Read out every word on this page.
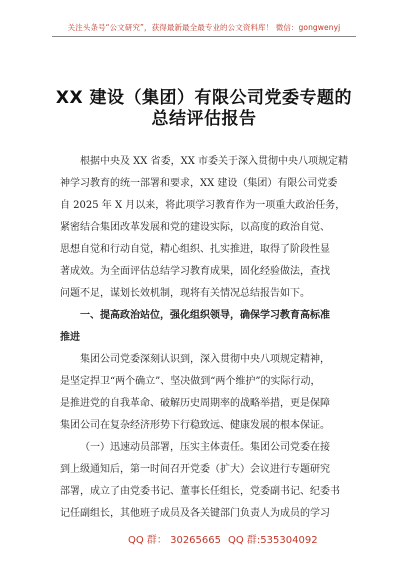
关注头条号“公文研究”，获得最新最全最专业的公文资料库！ 微信：gongwenyj
XX 建设（集团）有限公司党委专题的
总结评估报告
根据中央及 XX 省委，XX 市委关于深入贯彻中央八项规定精
神学习教育的统一部署和要求，XX 建设（集团）有限公司党委
自 2025 年 X 月以来，将此项学习教育作为一项重大政治任务，
紧密结合集团改革发展和党的建设实际，以高度的政治自觉、
思想自觉和行动自觉，精心组织、扎实推进，取得了阶段性显
著成效。为全面评估总结学习教育成果，固化经验做法，查找
问题不足，谋划长效机制，现将有关情况总结报告如下。
一、提高政治站位，强化组织领导，确保学习教育高标准
推进
集团公司党委深刻认识到，深入贯彻中央八项规定精神，
是坚定捍卫“两个确立”、坚决做到“两个维护”的实际行动，
是推进党的自我革命、破解历史周期率的战略举措，更是保障
集团公司在复杂经济形势下行稳致远、健康发展的根本保证。
（一）迅速动员部署，压实主体责任。集团公司党委在接
到上级通知后，第一时间召开党委（扩大）会议进行专题研究
部署，成立了由党委书记、董事长任组长，党委副书记、纪委书
记任副组长，其他班子成员及各关键部门负责人为成员的学习
QQ 群： 30265665 QQ 群:535304092
